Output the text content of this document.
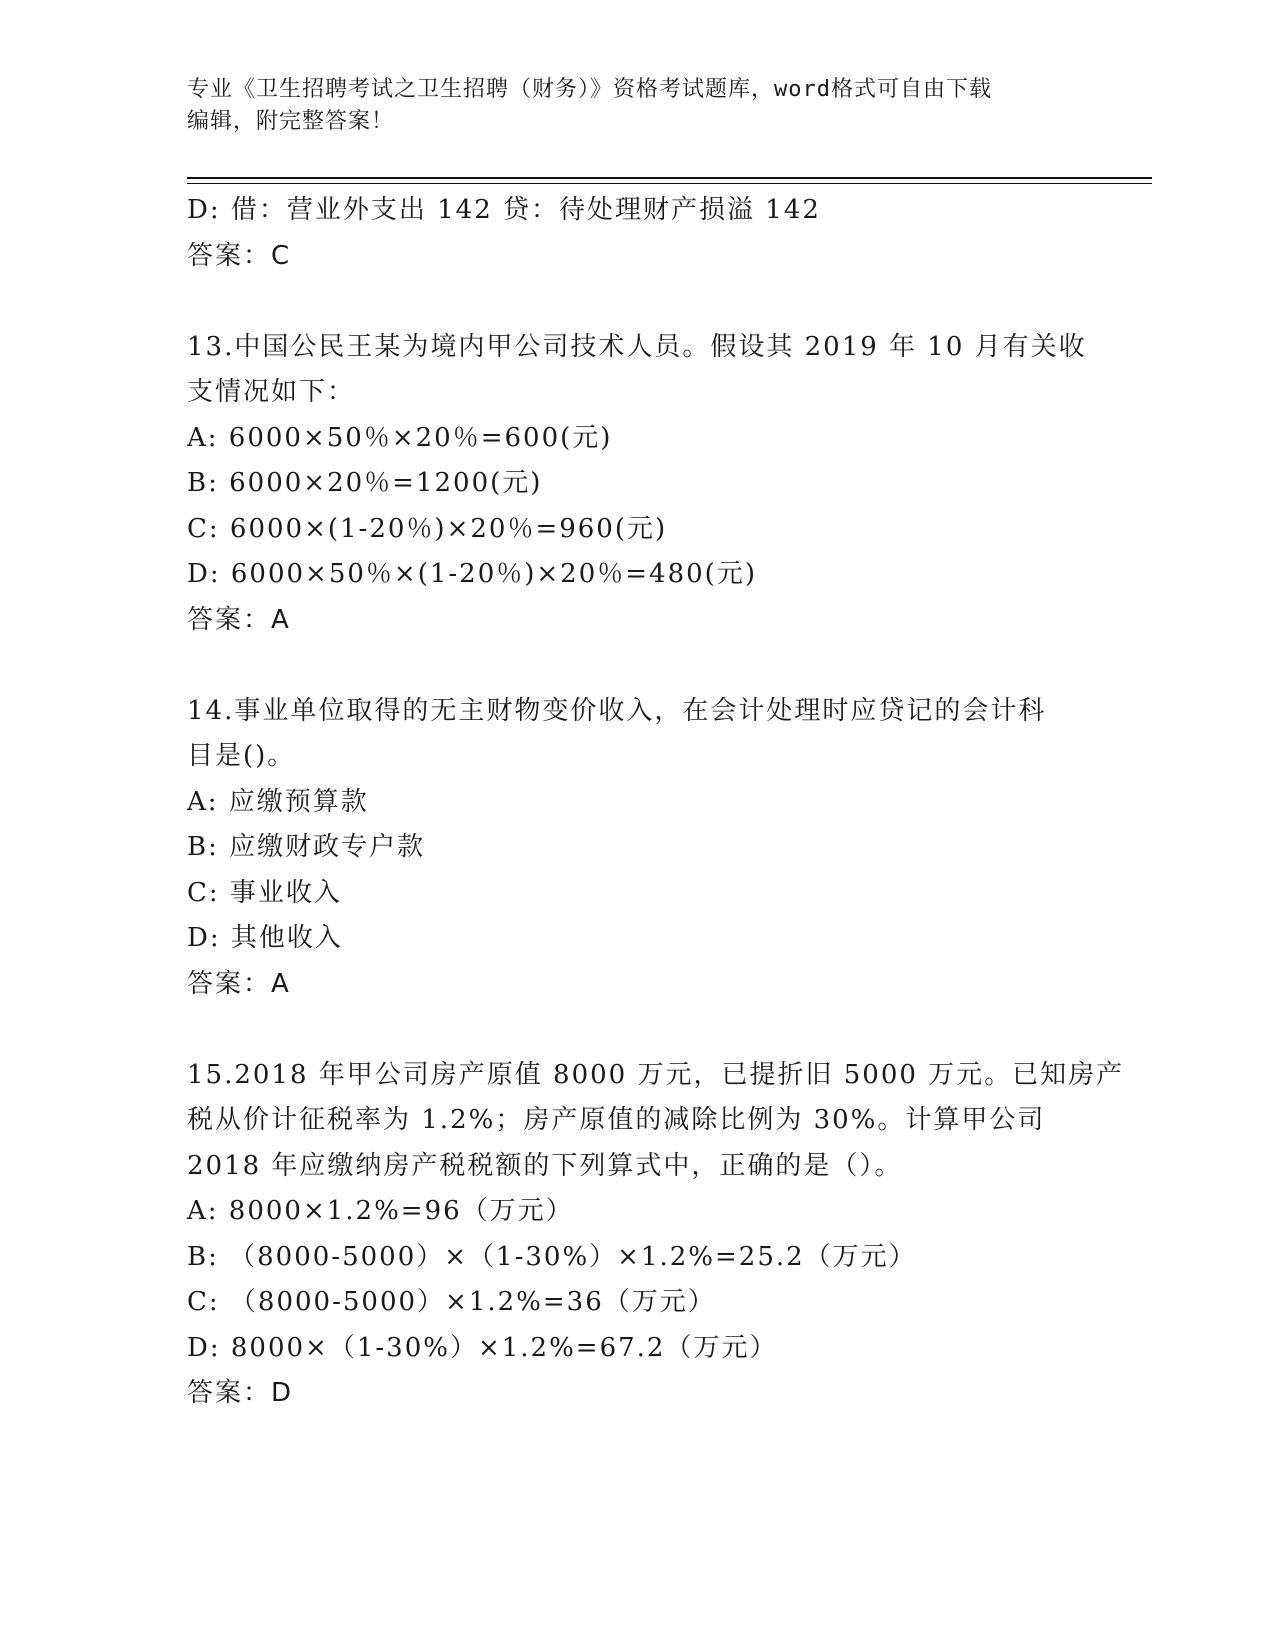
专业《卫生招聘考试之卫生招聘（财务）》资格考试题库，word格式可自由下载
编辑，附完整答案！
D: 借：营业外支出 142 贷：待处理财产损溢 142
答案：C
13.中国公民王某为境内甲公司技术人员。假设其 2019 年 10 月有关收
支情况如下：
A: 6000×50％×20％=600(元)
B: 6000×20％=1200(元)
C: 6000×(1-20％)×20％=960(元)
D: 6000×50％×(1-20％)×20％=480(元)
答案：A
14.事业单位取得的无主财物变价收入，在会计处理时应贷记的会计科
目是()。
A: 应缴预算款
B: 应缴财政专户款
C: 事业收入
D: 其他收入
答案：A
15.2018 年甲公司房产原值 8000 万元，已提折旧 5000 万元。已知房产
税从价计征税率为 1.2%；房产原值的减除比例为 30%。计算甲公司
2018 年应缴纳房产税税额的下列算式中，正确的是（）。
A: 8000×1.2%=96（万元）
B: （8000-5000）×（1-30%）×1.2%=25.2（万元）
C: （8000-5000）×1.2%=36（万元）
D: 8000×（1-30%）×1.2%=67.2（万元）
答案：D
